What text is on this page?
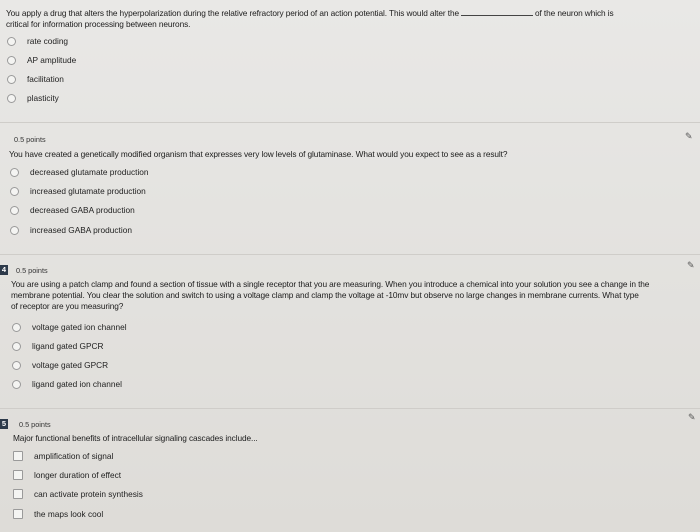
You apply a drug that alters the hyperpolarization during the relative refractory period of an action potential. This would alter the	of the neuron which is
critical for information processing between neurons.
rate coding
AP amplitude
facilitation
plasticity
0.5 points	✎
You have created a genetically modified organism that expresses very low levels of glutaminase. What would you expect to see as a result?
decreased glutamate production
increased glutamate production
decreased GABA production
increased GABA production
4 0.5 points
✎
You are using a patch clamp and found a section of tissue with a single receptor that you are measuring. When you introduce a chemical into your solution you see a change in the
membrane potential. You clear the solution and switch to using a voltage clamp and clamp the voltage at -10mv but observe no large changes in membrane currents. What type
of receptor are you measuring?
voltage gated ion channel
ligand gated GPCR
voltage gated GPCR
ligand gated ion channel
5 0.5 points
✎
Major functional benefits of intracellular signaling cascades include...
amplification of signal
longer duration of effect
can activate protein synthesis
the maps look cool
